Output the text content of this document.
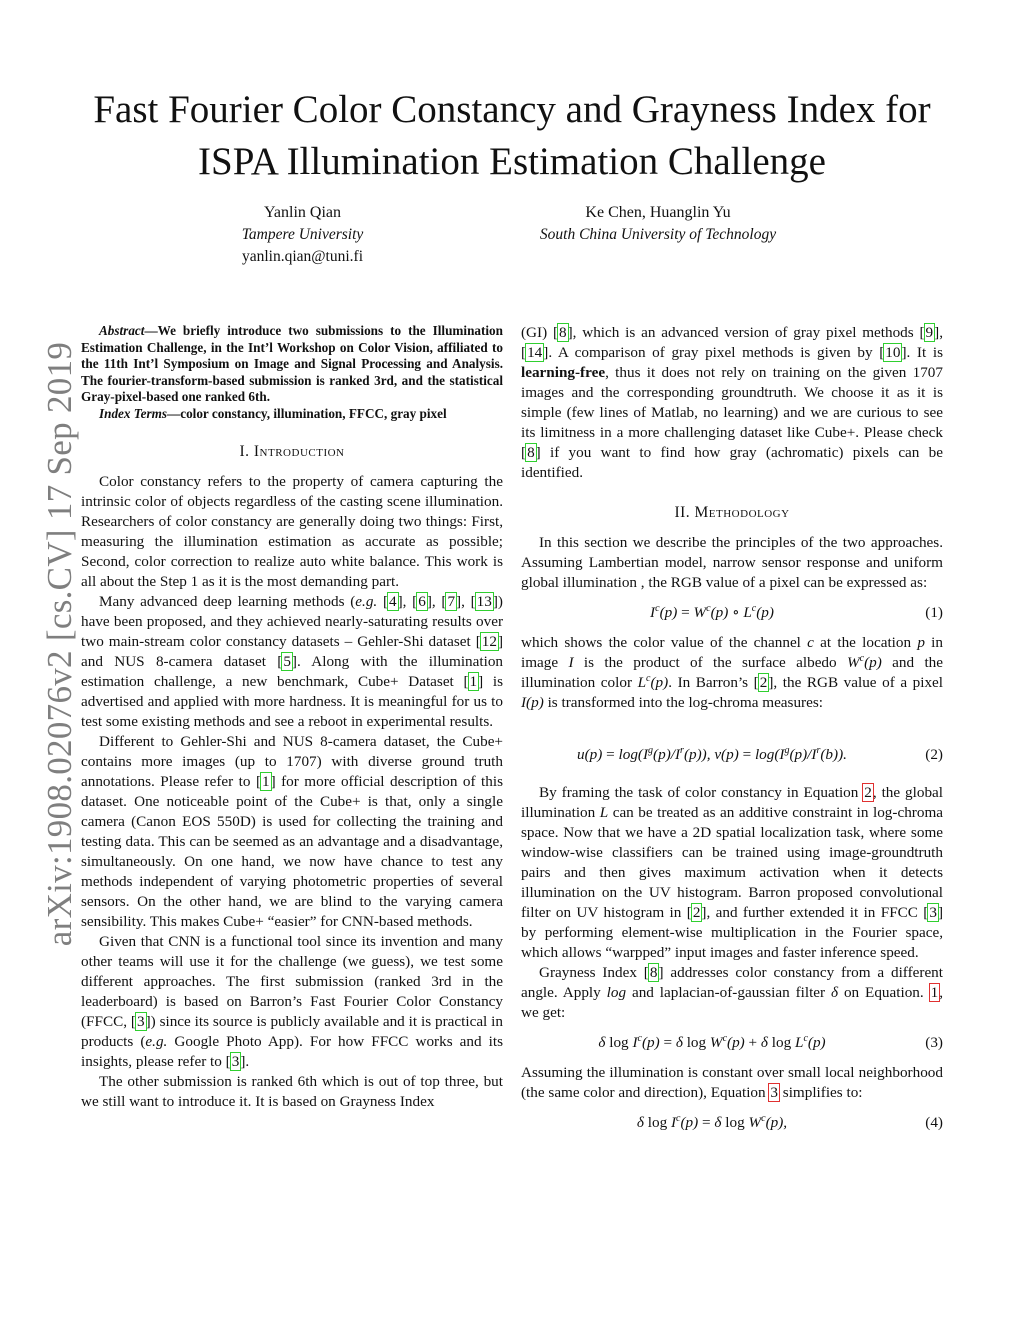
Fast Fourier Color Constancy and Grayness Index for ISPA Illumination Estimation Challenge
Yanlin Qian
Tampere University
yanlin.qian@tuni.fi
Ke Chen, Huanglin Yu
South China University of Technology
arXiv:1908.02076v2 [cs.CV] 17 Sep 2019

Abstract—We briefly introduce two submissions to the Illumination Estimation Challenge, in the Int’l Workshop on Color Vision, affiliated to the 11th Int’l Symposium on Image and Signal Processing and Analysis. The fourier-transform-based submission is ranked 3rd, and the statistical Gray-pixel-based one ranked 6th.

Index Terms—color constancy, illumination, FFCC, gray pixel

I. Introduction

Color constancy refers to the property of camera capturing the intrinsic color of objects regardless of the casting scene illumination. Researchers of color constancy are generally doing two things: First, measuring the illumination estimation as accurate as possible; Second, color correction to realize auto white balance. This work is all about the Step 1 as it is the most demanding part.

Many advanced deep learning methods (e.g. [4], [6], [7], [13]) have been proposed, and they achieved nearly-saturating results over two main-stream color constancy datasets – Gehler-Shi dataset [12] and NUS 8-camera dataset [5]. Along with the illumination estimation challenge, a new benchmark, Cube+ Dataset [1] is advertised and applied with more hardness. It is meaningful for us to test some existing methods and see a reboot in experimental results.

Different to Gehler-Shi and NUS 8-camera dataset, the Cube+ contains more images (up to 1707) with diverse ground truth annotations. Please refer to [1] for more official description of this dataset. One noticeable point of the Cube+ is that, only a single camera (Canon EOS 550D) is used for collecting the training and testing data. This can be seemed as an advantage and a disadvantage, simultaneously. On one hand, we now have chance to test any methods independent of varying photometric properties of several sensors. On the other hand, we are blind to the varying camera sensibility. This makes Cube+ “easier” for CNN-based methods.

Given that CNN is a functional tool since its invention and many other teams will use it for the challenge (we guess), we test some different approaches. The first submission (ranked 3rd in the leaderboard) is based on Barron’s Fast Fourier Color Constancy (FFCC, [3]) since its source is publicly available and it is practical in products (e.g. Google Photo App). For how FFCC works and its insights, please refer to [3].

The other submission is ranked 6th which is out of top three, but we still want to introduce it. It is based on Grayness Index

(GI) [8], which is an advanced version of gray pixel methods [9], [14]. A comparison of gray pixel methods is given by [10]. It is learning-free, thus it does not rely on training on the given 1707 images and the corresponding groundtruth. We choose it as it is simple (few lines of Matlab, no learning) and we are curious to see its limitness in a more challenging dataset like Cube+. Please check [8] if you want to find how gray (achromatic) pixels can be identified.

II. Methodology

In this section we describe the principles of the two approaches. Assuming Lambertian model, narrow sensor response and uniform global illumination , the RGB value of a pixel can be expressed as:

$I^c(p) = W^c(p)$ ∘ $L^c(p)$	(1)

which shows the color value of the channel c at the location p in image I is the product of the surface albedo $W^c(p)$ and the illumination color $L^c(p)$. In Barron’s [2], the RGB value of a pixel I(p) is transformed into the log-chroma measures:

$u(p) = \log(I^g(p)/I^r(p))$, $v(p) = \log(I^g(p)/I^r(b))$.	(2)

By framing the task of color constancy in Equation 2, the global illumination L can be treated as an additive constraint in log-chroma space. Now that we have a 2D spatial localization task, where some window-wise classifiers can be trained using image-groundtruth pairs and then gives maximum activation when it detects illumination on the UV histogram. Barron proposed convolutional filter on UV histogram in [2], and further extended it in FFCC [3] by performing element-wise multiplication in the Fourier space, which allows “warpped” input images and faster inference speed.

Grayness Index [8] addresses color constancy from a different angle. Apply log and laplacian-of-gaussian filter δ on Equation. 1, we get:

δ $\log I^c(p) = \delta$ $\log W^c(p) + \delta$ $\log L^c(p)$	(3)

Assuming the illumination is constant over small local neighborhood (the same color and direction), Equation 3 simplifies to:

δ $\log I^c(p) = \delta$ $\log W^c(p)$,	(4)
